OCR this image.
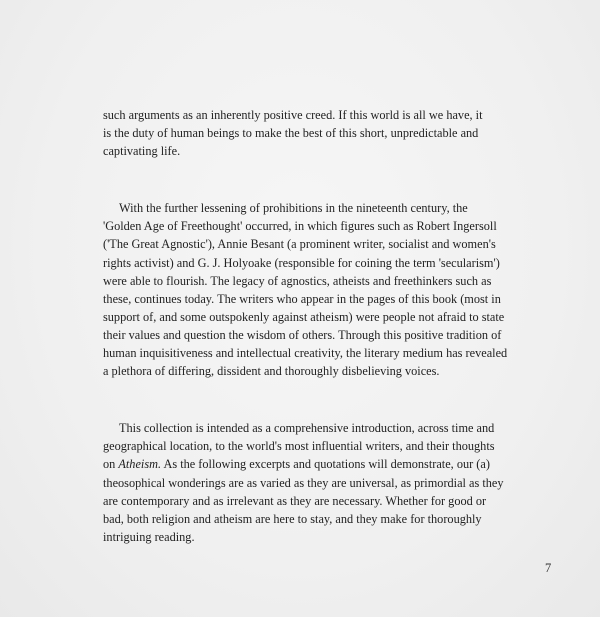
such arguments as an inherently positive creed. If this world is all we have, it
is the duty of human beings to make the best of this short, unpredictable and
captivating life.

With the further lessening of prohibitions in the nineteenth century, the
'Golden Age of Freethought' occurred, in which figures such as Robert Ingersoll
('The Great Agnostic'), Annie Besant (a prominent writer, socialist and women's
rights activist) and G. J. Holyoake (responsible for coining the term 'secularism')
were able to flourish. The legacy of agnostics, atheists and freethinkers such as
these, continues today. The writers who appear in the pages of this book (most in
support of, and some outspokenly against atheism) were people not afraid to state
their values and question the wisdom of others. Through this positive tradition of
human inquisitiveness and intellectual creativity, the literary medium has revealed
a plethora of differing, dissident and thoroughly disbelieving voices.

This collection is intended as a comprehensive introduction, across time and
geographical location, to the world's most influential writers, and their thoughts
on Atheism. As the following excerpts and quotations will demonstrate, our (a)
theosophical wonderings are as varied as they are universal, as primordial as they
are contemporary and as irrelevant as they are necessary. Whether for good or
bad, both religion and atheism are here to stay, and they make for thoroughly
intriguing reading.

7
